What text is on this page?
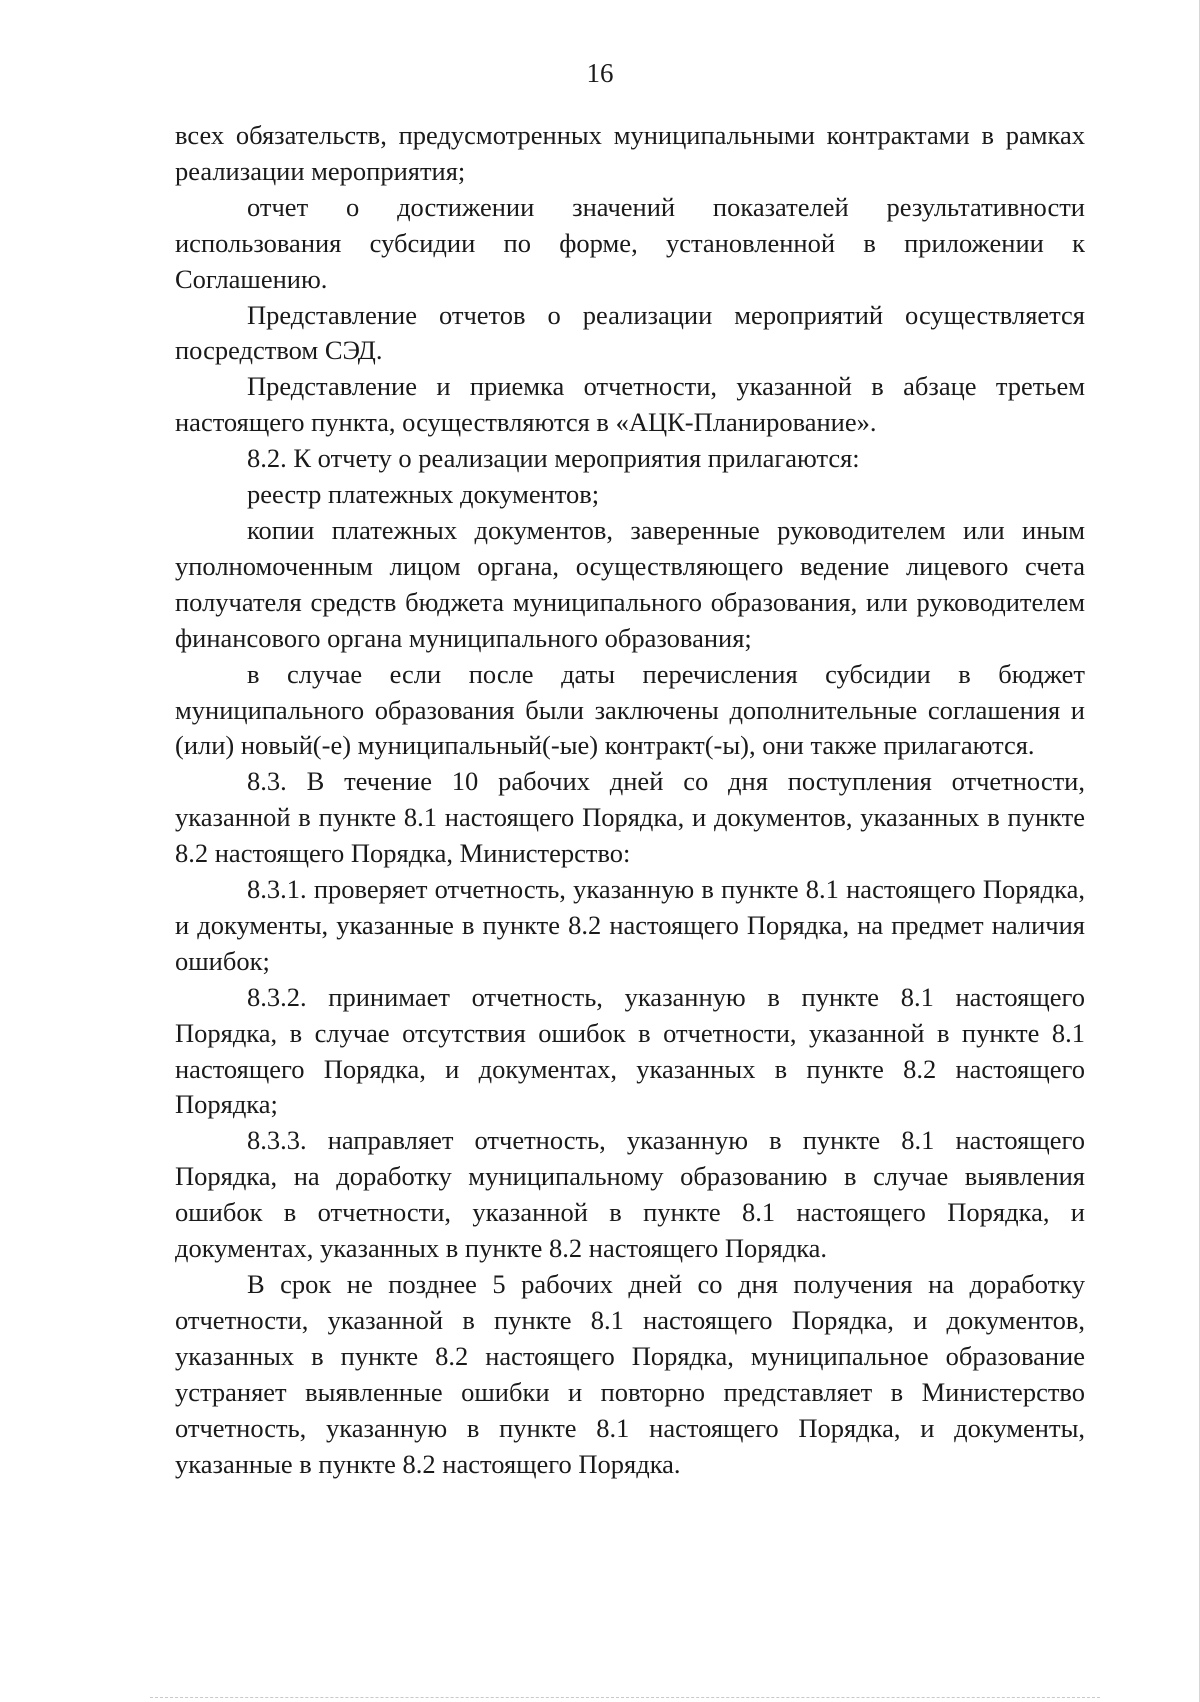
16

всех обязательств, предусмотренных муниципальными контрактами в рамках реализации мероприятия;

отчет о достижении значений показателей результативности использования субсидии по форме, установленной в приложении к Соглашению.

Представление отчетов о реализации мероприятий осуществляется посредством СЭД.

Представление и приемка отчетности, указанной в абзаце третьем настоящего пункта, осуществляются в «АЦК-Планирование».

8.2. К отчету о реализации мероприятия прилагаются:

реестр платежных документов;

копии платежных документов, заверенные руководителем или иным уполномоченным лицом органа, осуществляющего ведение лицевого счета получателя средств бюджета муниципального образования, или руководителем финансового органа муниципального образования;

в случае если после даты перечисления субсидии в бюджет муниципального образования были заключены дополнительные соглашения и (или) новый(-е) муниципальный(-ые) контракт(-ы), они также прилагаются.

8.3. В течение 10 рабочих дней со дня поступления отчетности, указанной в пункте 8.1 настоящего Порядка, и документов, указанных в пункте 8.2 настоящего Порядка, Министерство:

8.3.1. проверяет отчетность, указанную в пункте 8.1 настоящего Порядка, и документы, указанные в пункте 8.2 настоящего Порядка, на предмет наличия ошибок;

8.3.2. принимает отчетность, указанную в пункте 8.1 настоящего Порядка, в случае отсутствия ошибок в отчетности, указанной в пункте 8.1 настоящего Порядка, и документах, указанных в пункте 8.2 настоящего Порядка;

8.3.3. направляет отчетность, указанную в пункте 8.1 настоящего Порядка, на доработку муниципальному образованию в случае выявления ошибок в отчетности, указанной в пункте 8.1 настоящего Порядка, и документах, указанных в пункте 8.2 настоящего Порядка.

В срок не позднее 5 рабочих дней со дня получения на доработку отчетности, указанной в пункте 8.1 настоящего Порядка, и документов, указанных в пункте 8.2 настоящего Порядка, муниципальное образование устраняет выявленные ошибки и повторно представляет в Министерство отчетность, указанную в пункте 8.1 настоящего Порядка, и документы, указанные в пункте 8.2 настоящего Порядка.
